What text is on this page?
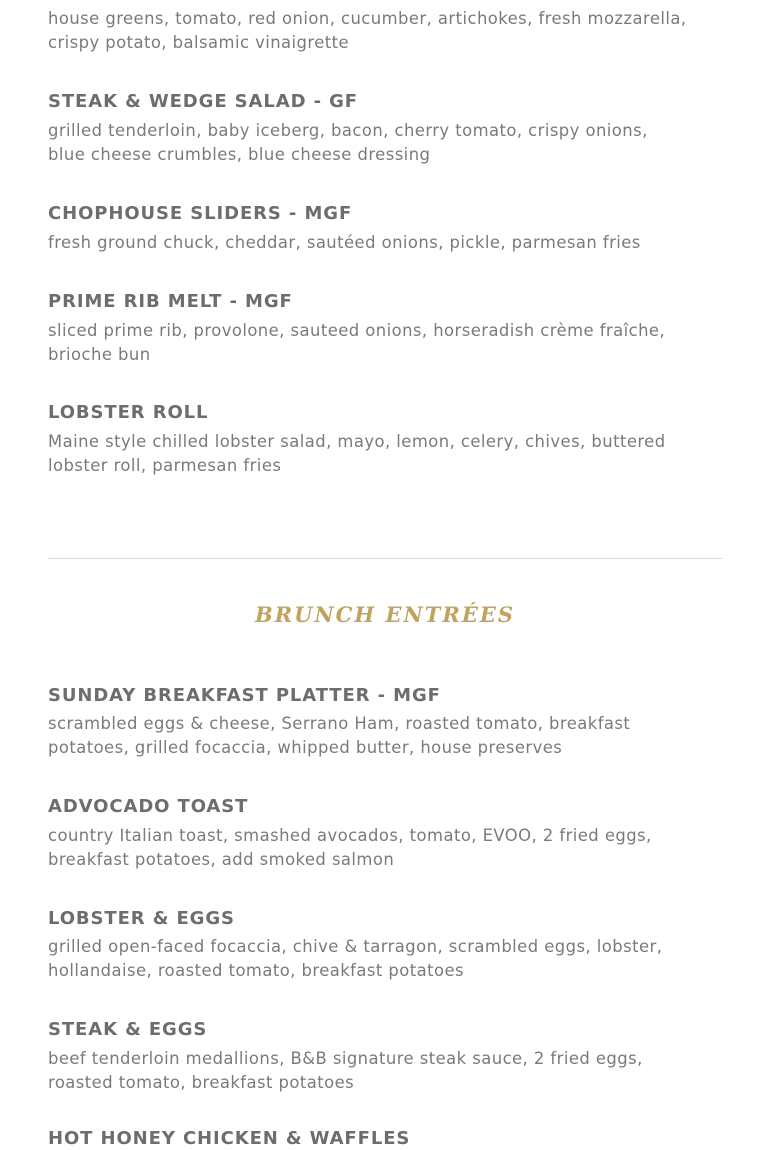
house greens, tomato, red onion, cucumber, artichokes, fresh mozzarella, crispy potato, balsamic vinaigrette

STEAK & WEDGE SALAD - GF

grilled tenderloin, baby iceberg, bacon, cherry tomato, crispy onions, blue cheese crumbles, blue cheese dressing

CHOPHOUSE SLIDERS - MGF

fresh ground chuck, cheddar, sautéed onions, pickle, parmesan fries

PRIME RIB MELT - MGF

sliced prime rib, provolone, sauteed onions, horseradish crème fraîche, brioche bun

LOBSTER ROLL

Maine style chilled lobster salad, mayo, lemon, celery, chives, buttered lobster roll, parmesan fries

BRUNCH ENTRÉES
SUNDAY BREAKFAST PLATTER - MGF

scrambled eggs & cheese, Serrano Ham, roasted tomato, breakfast potatoes, grilled focaccia, whipped butter, house preserves

ADVOCADO TOAST

country Italian toast, smashed avocados, tomato, EVOO, 2 fried eggs, breakfast potatoes, add smoked salmon

LOBSTER & EGGS

grilled open-faced focaccia, chive & tarragon, scrambled eggs, lobster, hollandaise, roasted tomato, breakfast potatoes

STEAK & EGGS

beef tenderloin medallions, B&B signature steak sauce, 2 fried eggs, roasted tomato, breakfast potatoes

HOT HONEY CHICKEN & WAFFLES
